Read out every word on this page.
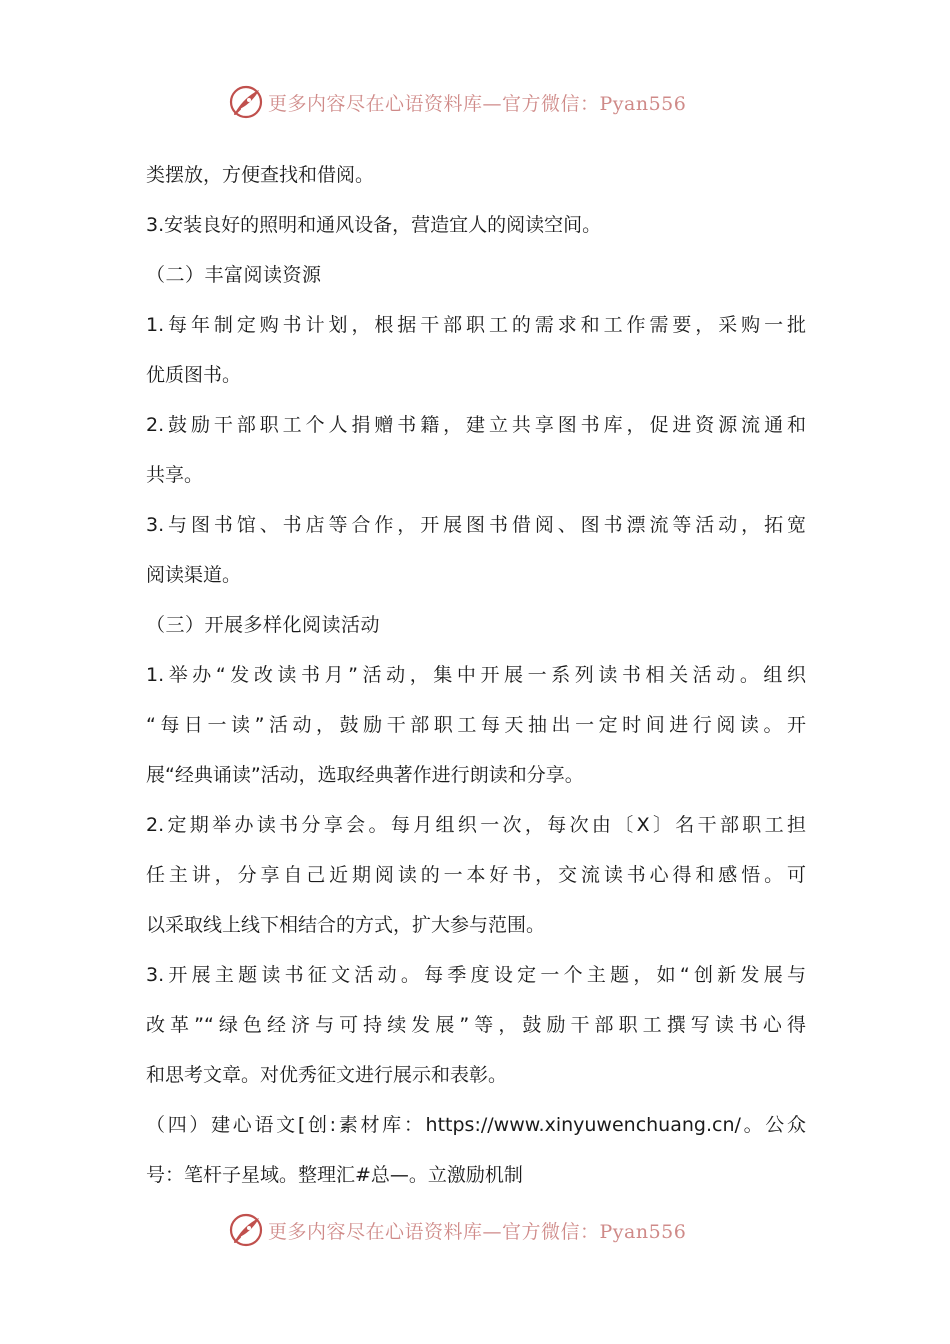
更多内容尽在心语资料库—官方微信：Pyan556
类摆放，方便查找和借阅。
3.安装良好的照明和通风设备，营造宜人的阅读空间。
（二）丰富阅读资源
1.每年制定购书计划，根据干部职工的需求和工作需要，采购一批
优质图书。
2.鼓励干部职工个人捐赠书籍，建立共享图书库，促进资源流通和
共享。
3.与图书馆、书店等合作，开展图书借阅、图书漂流等活动，拓宽
阅读渠道。
（三）开展多样化阅读活动
1.举办“发改读书月”活动，集中开展一系列读书相关活动。组织
“每日一读”活动，鼓励干部职工每天抽出一定时间进行阅读。开
展“经典诵读”活动，选取经典著作进行朗读和分享。
2.定期举办读书分享会。每月组织一次，每次由〔X〕名干部职工担
任主讲，分享自己近期阅读的一本好书，交流读书心得和感悟。可
以采取线上线下相结合的方式，扩大参与范围。
3.开展主题读书征文活动。每季度设定一个主题，如“创新发展与
改革”“绿色经济与可持续发展”等，鼓励干部职工撰写读书心得
和思考文章。对优秀征文进行展示和表彰。
（四）建心语文[创:素材库：https://www.xinyuwenchuang.cn/。公众
号：笔杆子星域。整理汇#总—。立激励机制
更多内容尽在心语资料库—官方微信：Pyan556
